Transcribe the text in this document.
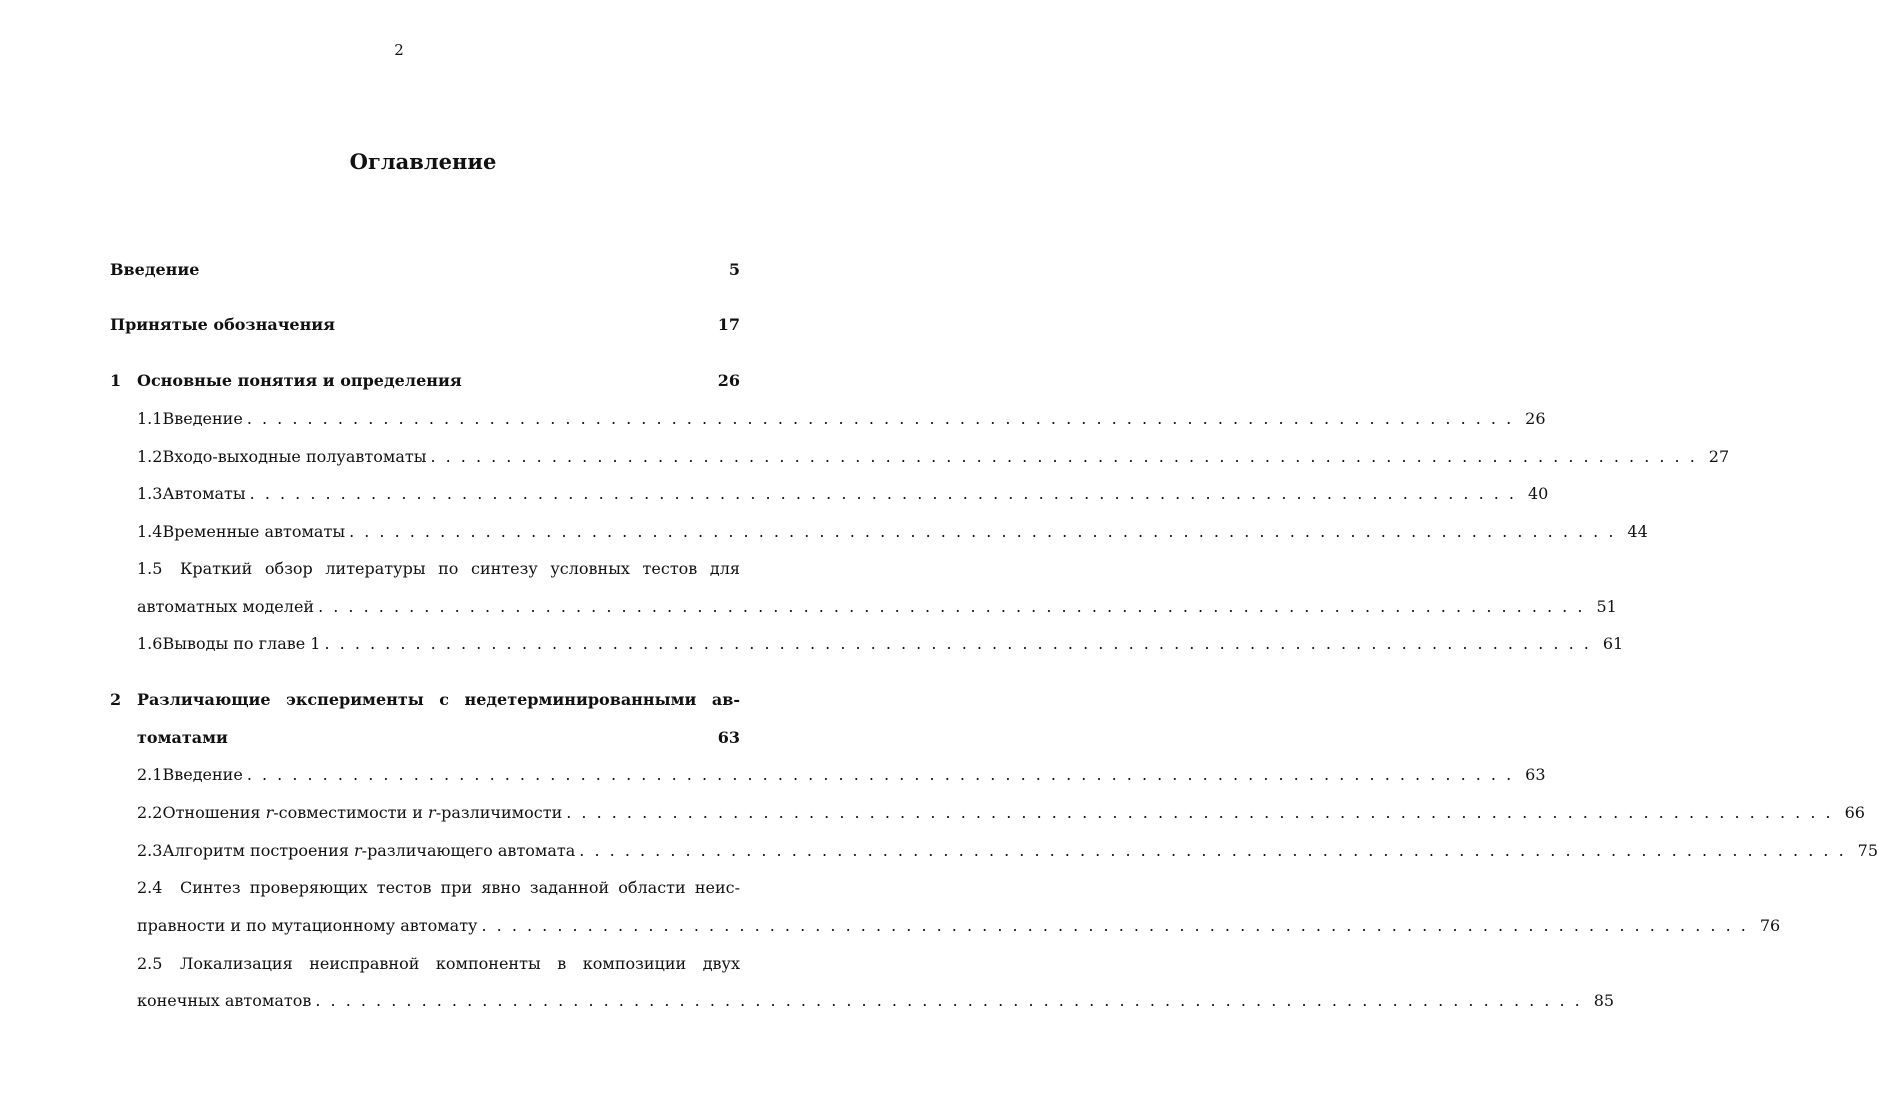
2
Оглавление
Введение	5
Принятые обозначения	17
1 Основные понятия и определения	26
1.1 Введение . . .	26
1.2 Входо-выходные полуавтоматы . . .	27
1.3 Автоматы . . .	40
1.4 Временные автоматы . . .	44
1.5	Краткий обзор литературы по синтезу условных тестов для
автоматных моделей . . .	51
1.6 Выводы по главе 1 . . .	61
2 Различающие эксперименты с недетерминированными ав-
томатами	63
2.1 Введение . . .	63
2.2 Отношения r-совместимости и r-различимости . . .	66
2.3 Алгоритм построения r-различающего автомата . . .	75
2.4	Синтез проверяющих тестов при явно заданной области неис-
правности и по мутационному автомату . . .	76
2.5	Локализация неисправной компоненты в композиции двух
конечных автоматов . . .	85
